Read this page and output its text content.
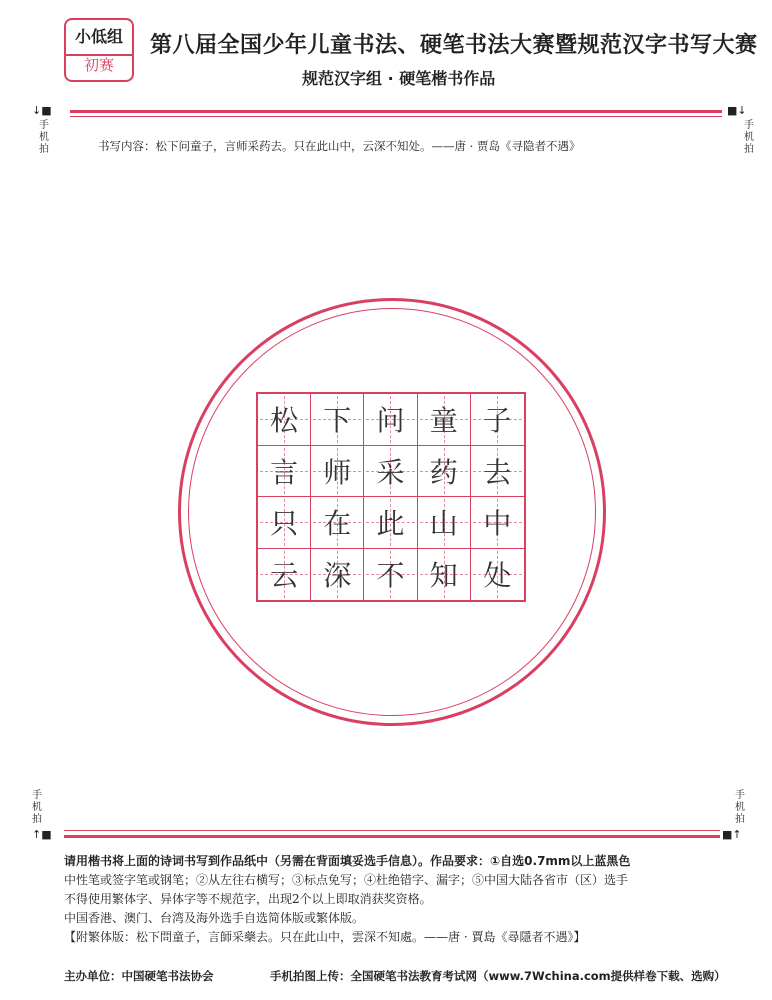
小低组
初赛
第八届全国少年儿童书法、硬笔书法大赛暨规范汉字书写大赛
规范汉字组 · 硬笔楷书作品
↓■
手机拍
■↓
手机拍
书写内容：松下问童子，言师采药去。只在此山中，云深不知处。——唐 · 贾岛《寻隐者不遇》
松 下 问 童 子
言 师 采 药 去
只 在 此 山 中
云 深 不 知 处
手机拍
↑■
手机拍
■↑
请用楷书将上面的诗词书写到作品纸中（另需在背面填妥选手信息）。作品要求：①自选0.7mm以上蓝黑色
中性笔或签字笔或钢笔；②从左往右横写；③标点免写；④杜绝错字、漏字；⑤中国大陆各省市（区）选手
不得使用繁体字、异体字等不规范字，出现2个以上即取消获奖资格。
中国香港、澳门、台湾及海外选手自选简体版或繁体版。
【附繁体版：松下問童子，言師采藥去。只在此山中，雲深不知處。——唐 · 賈島《尋隱者不遇》】
主办单位：中国硬笔书法协会	手机拍图上传：全国硬笔书法教育考试网（www.7Wchina.com提供样卷下载、选购）
